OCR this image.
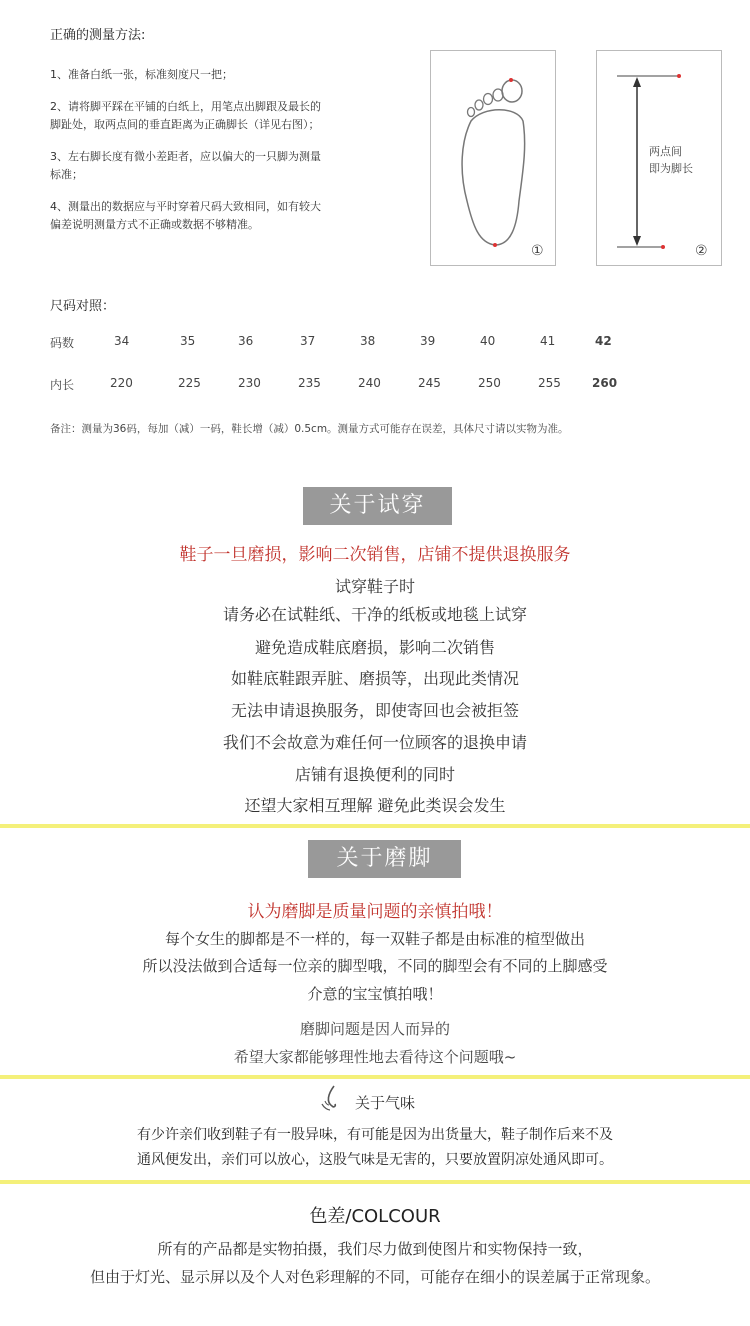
正确的测量方法:
1、准备白纸一张，标准刻度尺一把；
2、请将脚平踩在平铺的白纸上，用笔点出脚跟及最长的
脚趾处，取两点间的垂直距离为正确脚长（详见右图）；
3、左右脚长度有微小差距者，应以偏大的一只脚为测量
标准；
4、测量出的数据应与平时穿着尺码大致相同，如有较大
偏差说明测量方式不正确或数据不够精准。
①
两点间
即为脚长
②
尺码对照：
码数	34	35	36	37	38	39	40	41	42
内长	220	225	230	235	240	245	250	255	260
备注：测量为36码，每加（减）一码，鞋长增（减）0.5cm。测量方式可能存在误差，具体尺寸请以实物为准。
关于试穿
鞋子一旦磨损，影响二次销售，店铺不提供退换服务
试穿鞋子时
请务必在试鞋纸、干净的纸板或地毯上试穿
避免造成鞋底磨损，影响二次销售
如鞋底鞋跟弄脏、磨损等，出现此类情况
无法申请退换服务，即使寄回也会被拒签
我们不会故意为难任何一位顾客的退换申请
店铺有退换便利的同时
还望大家相互理解 避免此类误会发生
关于磨脚
认为磨脚是质量问题的亲慎拍哦！
每个女生的脚都是不一样的，每一双鞋子都是由标准的楦型做出
所以没法做到合适每一位亲的脚型哦，不同的脚型会有不同的上脚感受
介意的宝宝慎拍哦！
磨脚问题是因人而异的
希望大家都能够理性地去看待这个问题哦~
关于气味
有少许亲们收到鞋子有一股异味，有可能是因为出货量大，鞋子制作后来不及
通风便发出，亲们可以放心，这股气味是无害的，只要放置阴凉处通风即可。
色差/COLCOUR
所有的产品都是实物拍摄，我们尽力做到使图片和实物保持一致，
但由于灯光、显示屏以及个人对色彩理解的不同，可能存在细小的误差属于正常现象。
